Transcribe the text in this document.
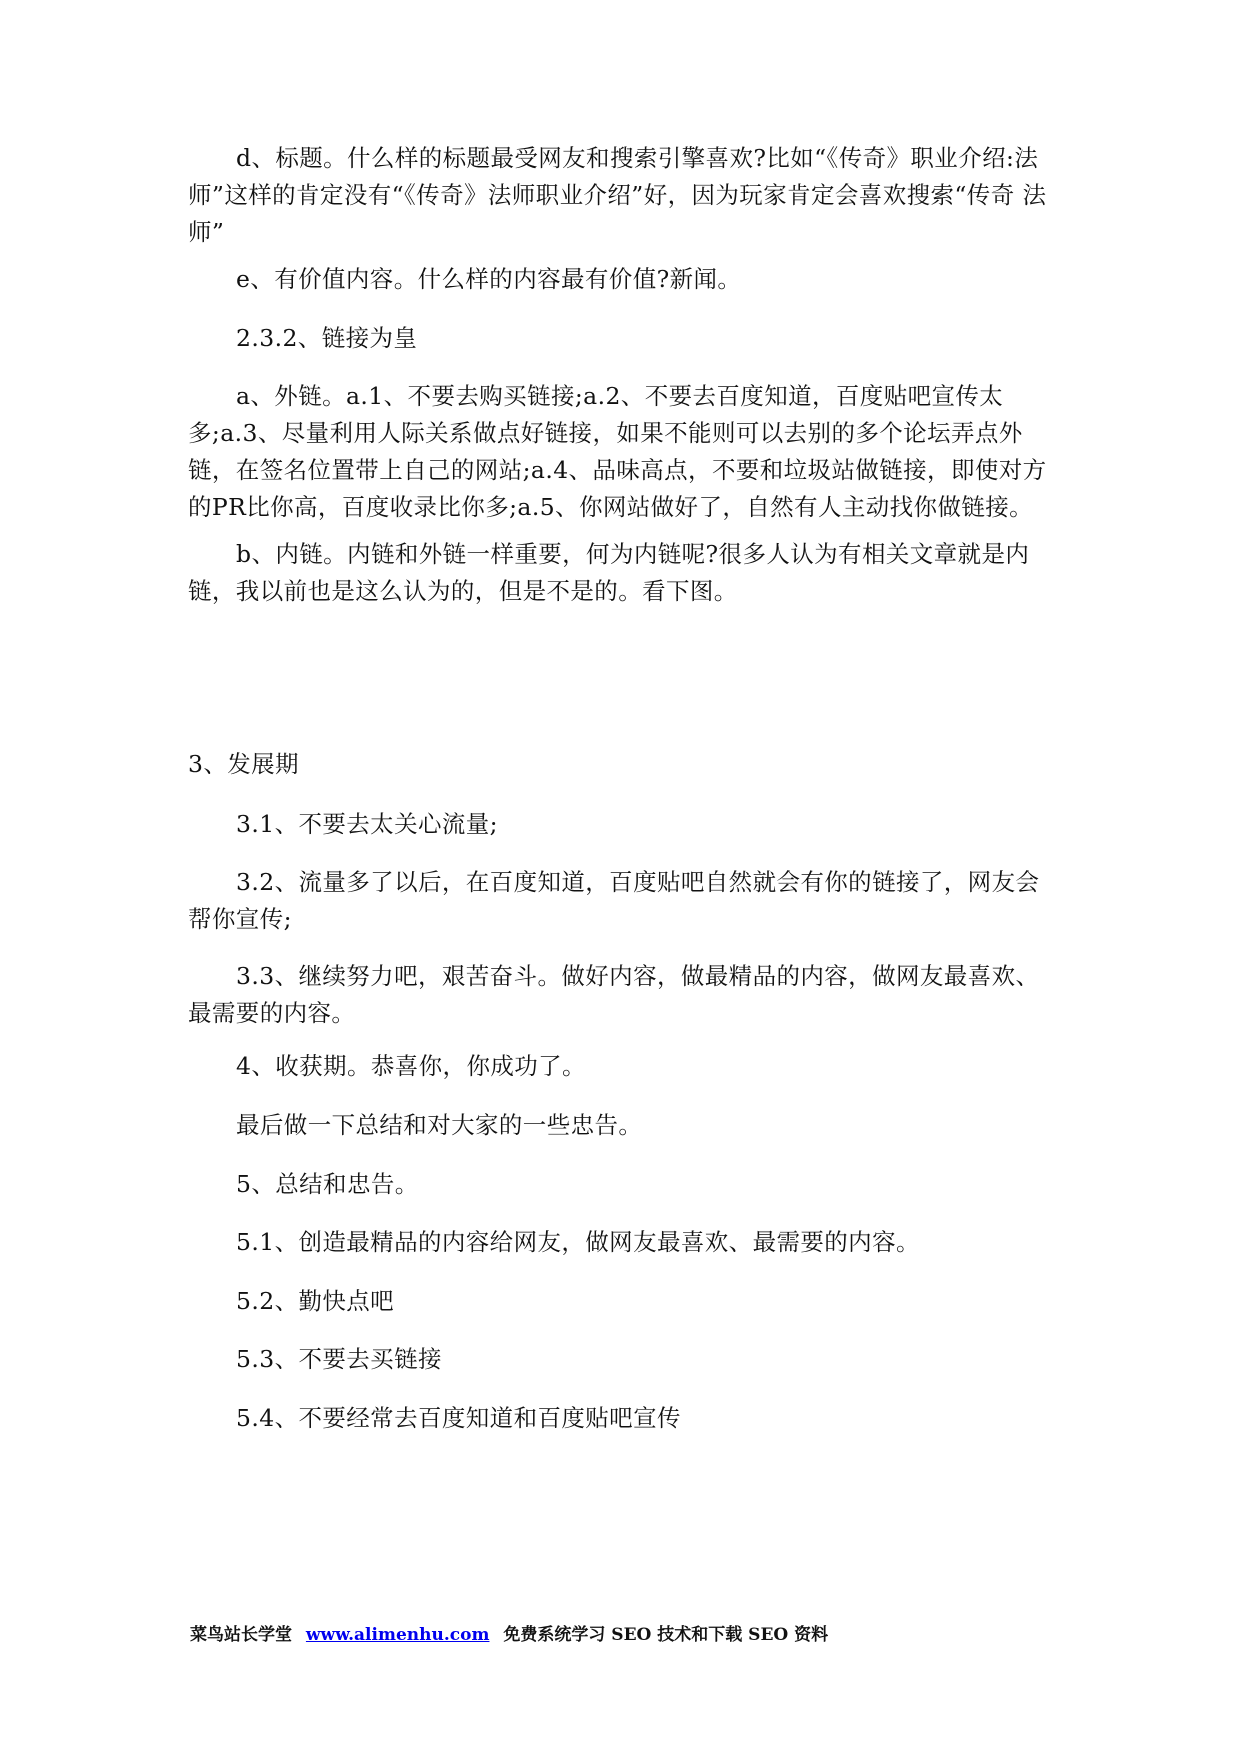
d、标题。什么样的标题最受网友和搜索引擎喜欢?比如“《传奇》职业介绍:法师”这样的肯定没有“《传奇》法师职业介绍”好，因为玩家肯定会喜欢搜索“传奇 法师”

e、有价值内容。什么样的内容最有价值?新闻。

2.3.2、链接为皇

a、外链。a.1、不要去购买链接;a.2、不要去百度知道，百度贴吧宣传太多;a.3、尽量利用人际关系做点好链接，如果不能则可以去别的多个论坛弄点外链，在签名位置带上自己的网站;a.4、品味高点，不要和垃圾站做链接，即使对方的PR比你高，百度收录比你多;a.5、你网站做好了，自然有人主动找你做链接。

b、内链。内链和外链一样重要，何为内链呢?很多人认为有相关文章就是内链，我以前也是这么认为的，但是不是的。看下图。

3、发展期

3.1、不要去太关心流量;

3.2、流量多了以后，在百度知道，百度贴吧自然就会有你的链接了，网友会帮你宣传;

3.3、继续努力吧，艰苦奋斗。做好内容，做最精品的内容，做网友最喜欢、最需要的内容。

4、收获期。恭喜你，你成功了。

最后做一下总结和对大家的一些忠告。

5、总结和忠告。

5.1、创造最精品的内容给网友，做网友最喜欢、最需要的内容。

5.2、勤快点吧

5.3、不要去买链接

5.4、不要经常去百度知道和百度贴吧宣传

菜鸟站长学堂 www.alimenhu.com 免费系统学习 SEO 技术和下载 SEO 资料
